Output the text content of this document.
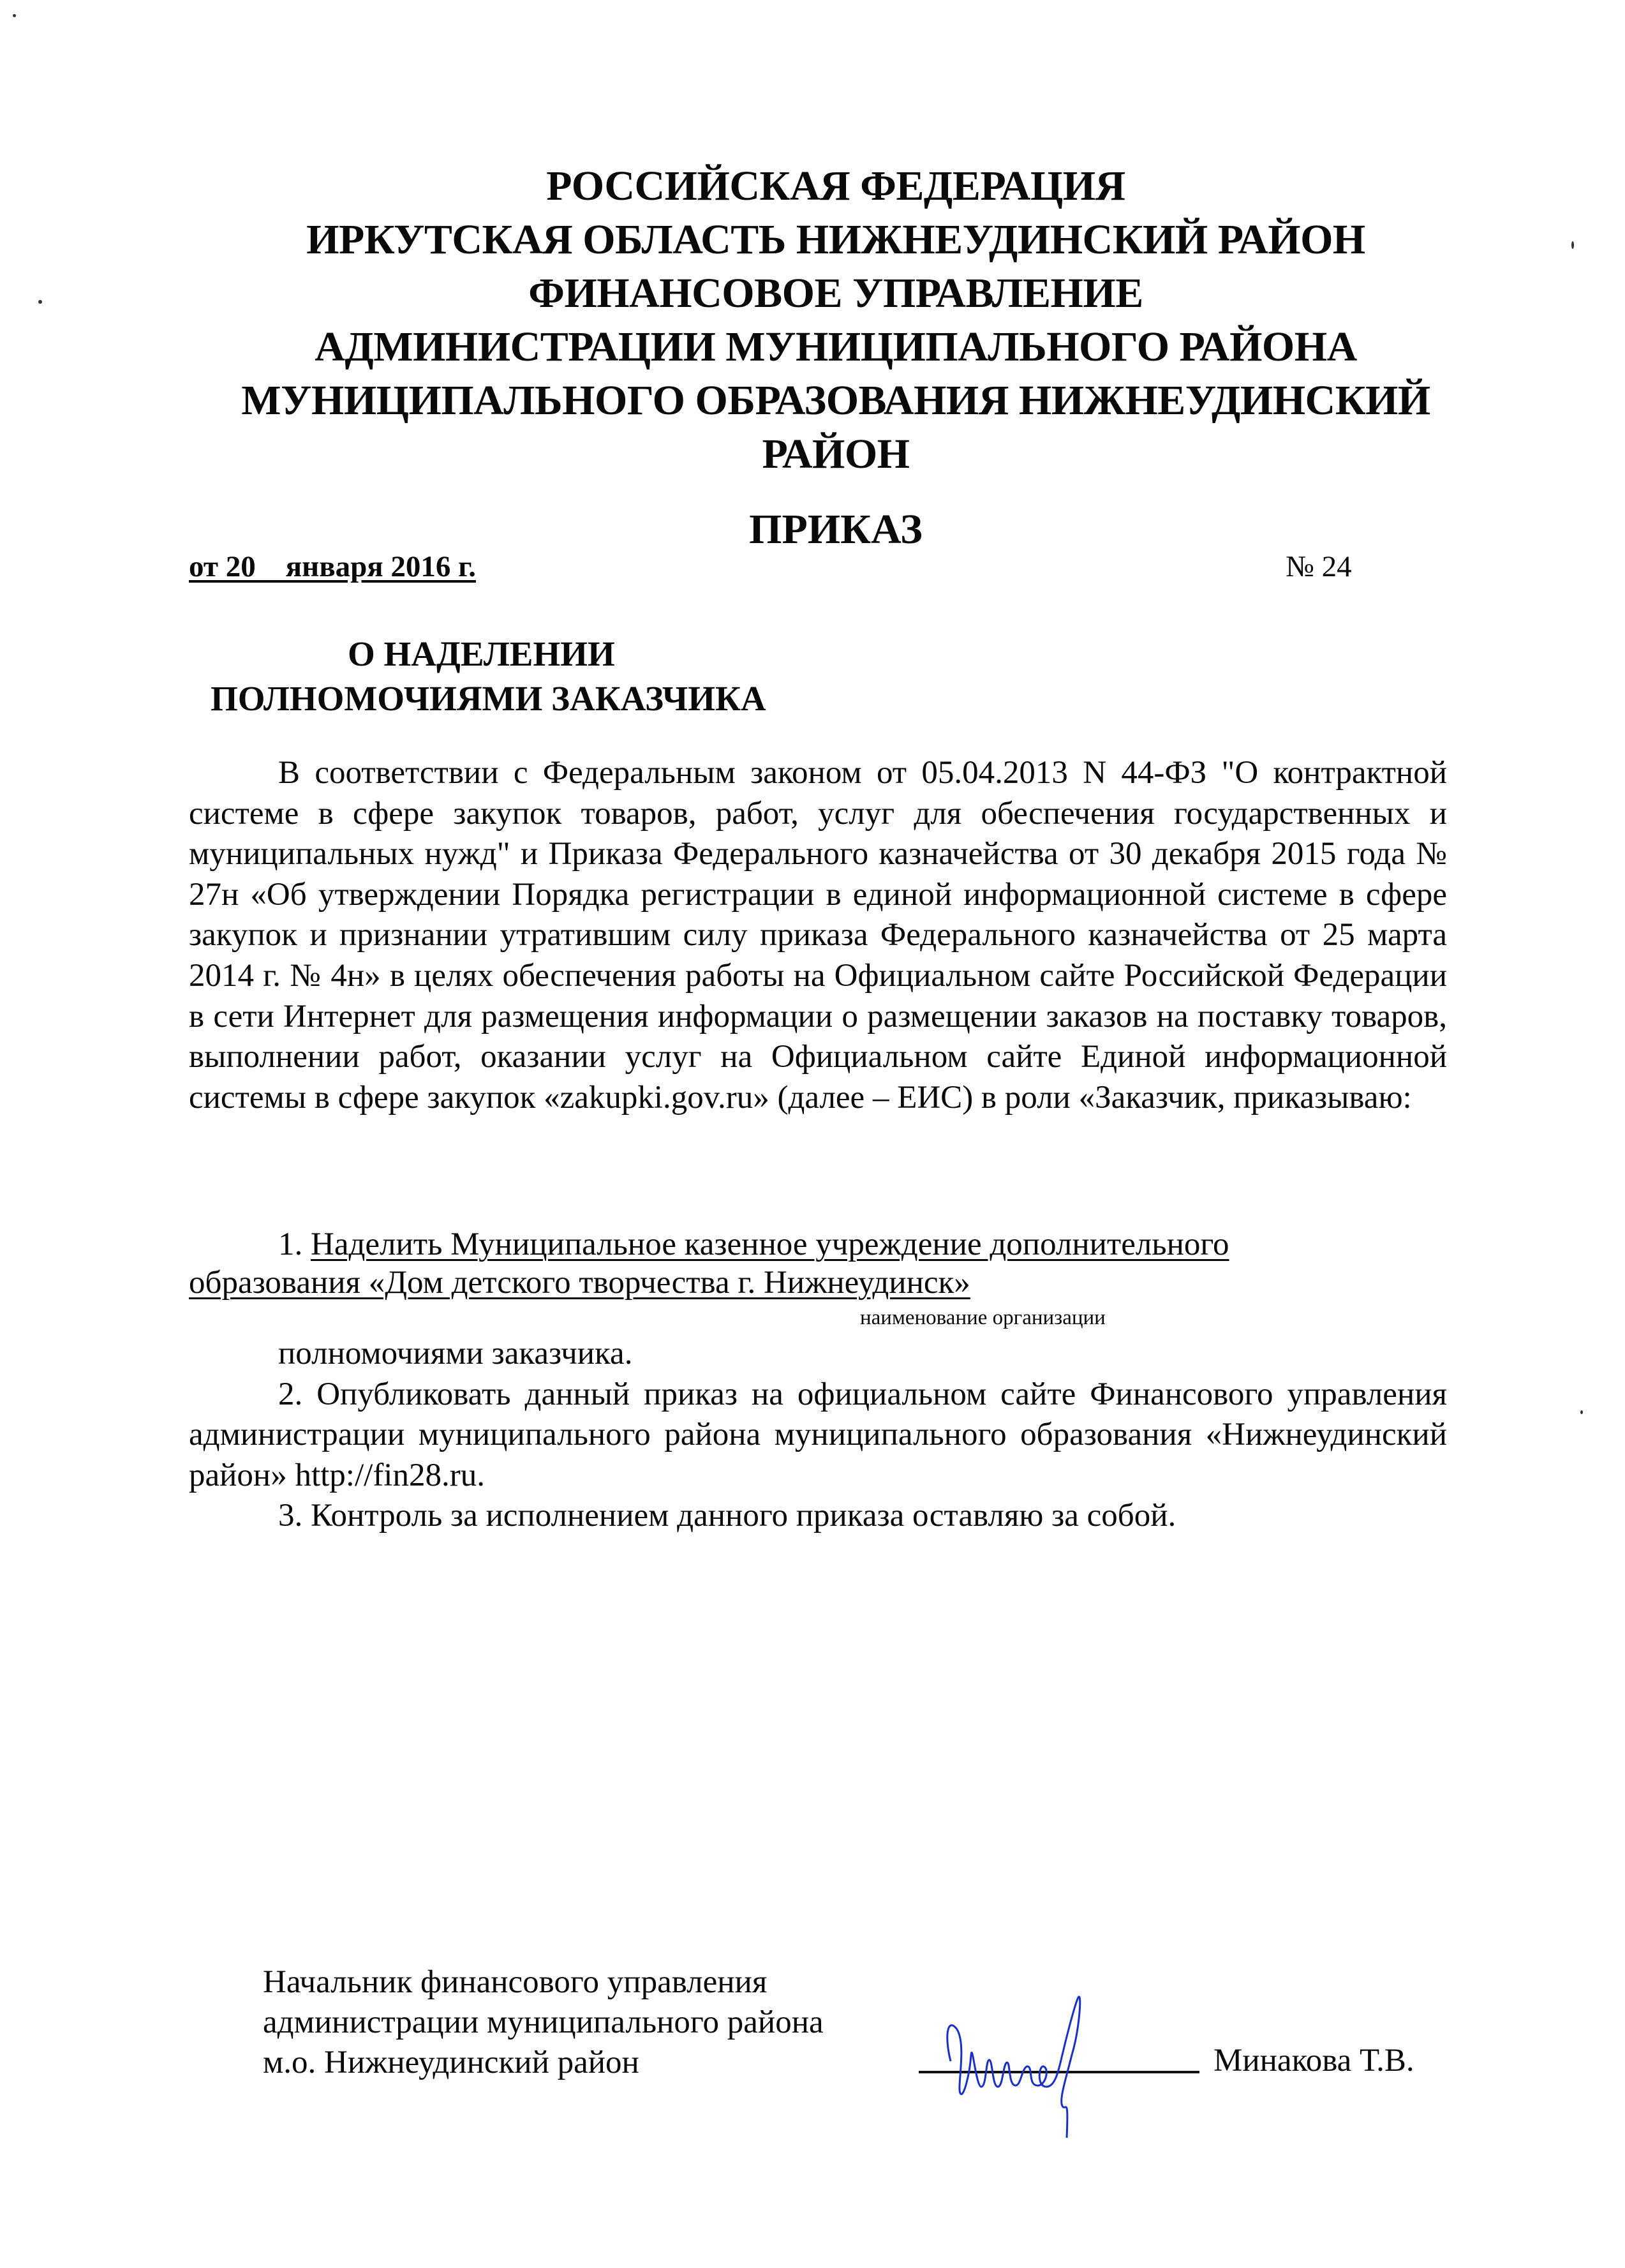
РОССИЙСКАЯ ФЕДЕРАЦИЯ
ИРКУТСКАЯ ОБЛАСТЬ НИЖНЕУДИНСКИЙ РАЙОН
ФИНАНСОВОЕ УПРАВЛЕНИЕ
АДМИНИСТРАЦИИ МУНИЦИПАЛЬНОГО РАЙОНА
МУНИЦИПАЛЬНОГО ОБРАЗОВАНИЯ НИЖНЕУДИНСКИЙ
РАЙОН
ПРИКАЗ
от 20    января 2016 г.	№ 24
О НАДЕЛЕНИИ
ПОЛНОМОЧИЯМИ ЗАКАЗЧИКА

В соответствии с Федеральным законом от 05.04.2013 N 44-ФЗ "О контрактной системе в сфере закупок товаров, работ, услуг для обеспечения государственных и муниципальных нужд" и Приказа Федерального казначейства от 30 декабря 2015 года № 27н «Об утверждении Порядка регистрации в единой информационной системе в сфере закупок и признании утратившим силу приказа Федерального казначейства от 25 марта 2014 г. № 4н» в целях обеспечения работы на Официальном сайте Российской Федерации в сети Интернет для размещения информации о размещении заказов на поставку товаров, выполнении работ, оказании услуг на Официальном сайте Единой информационной системы в сфере закупок «zakupki.gov.ru» (далее – ЕИС) в роли «Заказчик, приказываю:

1. Наделить Муниципальное казенное учреждение дополнительного
образования «Дом детского творчества г. Нижнеудинск»
наименование организации

полномочиями заказчика.

2. Опубликовать данный приказ на официальном сайте Финансового управления администрации муниципального района муниципального образования «Нижнеудинский район» http://fin28.ru.

3. Контроль за исполнением данного приказа оставляю за собой.

Начальник финансового управления
администрации муниципального района
м.о. Нижнеудинский район	Минакова Т.В.
